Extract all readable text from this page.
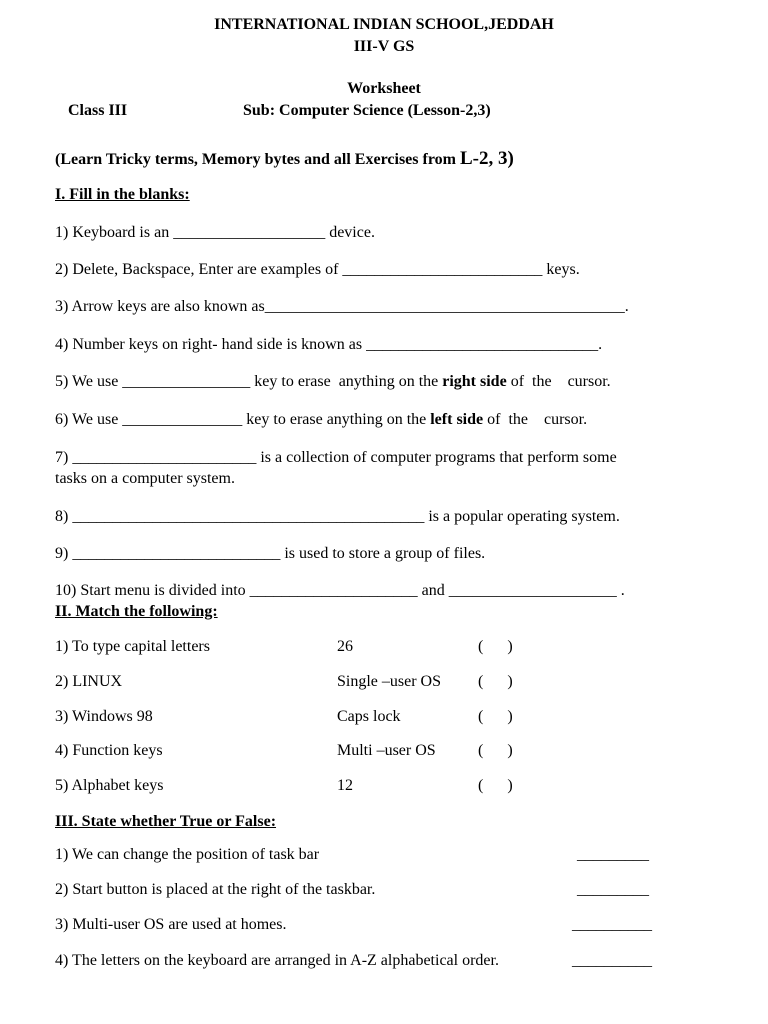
INTERNATIONAL INDIAN SCHOOL,JEDDAH
III-V GS
Worksheet
Class III	Sub: Computer Science (Lesson-2,3)
(Learn Tricky terms, Memory bytes and all Exercises from L-2, 3)
I. Fill in the blanks:
1) Keyboard is an ___________________ device.
2) Delete, Backspace, Enter are examples of _________________________ keys.
3) Arrow keys are also known as_____________________________________________.
4) Number keys on right- hand side is known as _____________________________.
5) We use ________________ key to erase  anything on the right side of  the    cursor.
6) We use _______________ key to erase anything on the left side of  the    cursor.
7) _______________________ is a collection of computer programs that perform some
tasks on a computer system.
8) ____________________________________________ is a popular operating system.
9) __________________________ is used to store a group of files.
10) Start menu is divided into _____________________ and _____________________ .
II. Match the following:
1) To type capital letters	26	(      )
2) LINUX	Single –user OS (      )
3) Windows 98	Caps lock	(      )
4) Function keys	Multi –user OS	(      )
5) Alphabet keys	12	(      )
III. State whether True or False:
1) We can change the position of task bar	_________
2) Start button is placed at the right of the taskbar.	_________
3) Multi-user OS are used at homes.	__________
4) The letters on the keyboard are arranged in A-Z alphabetical order.	__________
